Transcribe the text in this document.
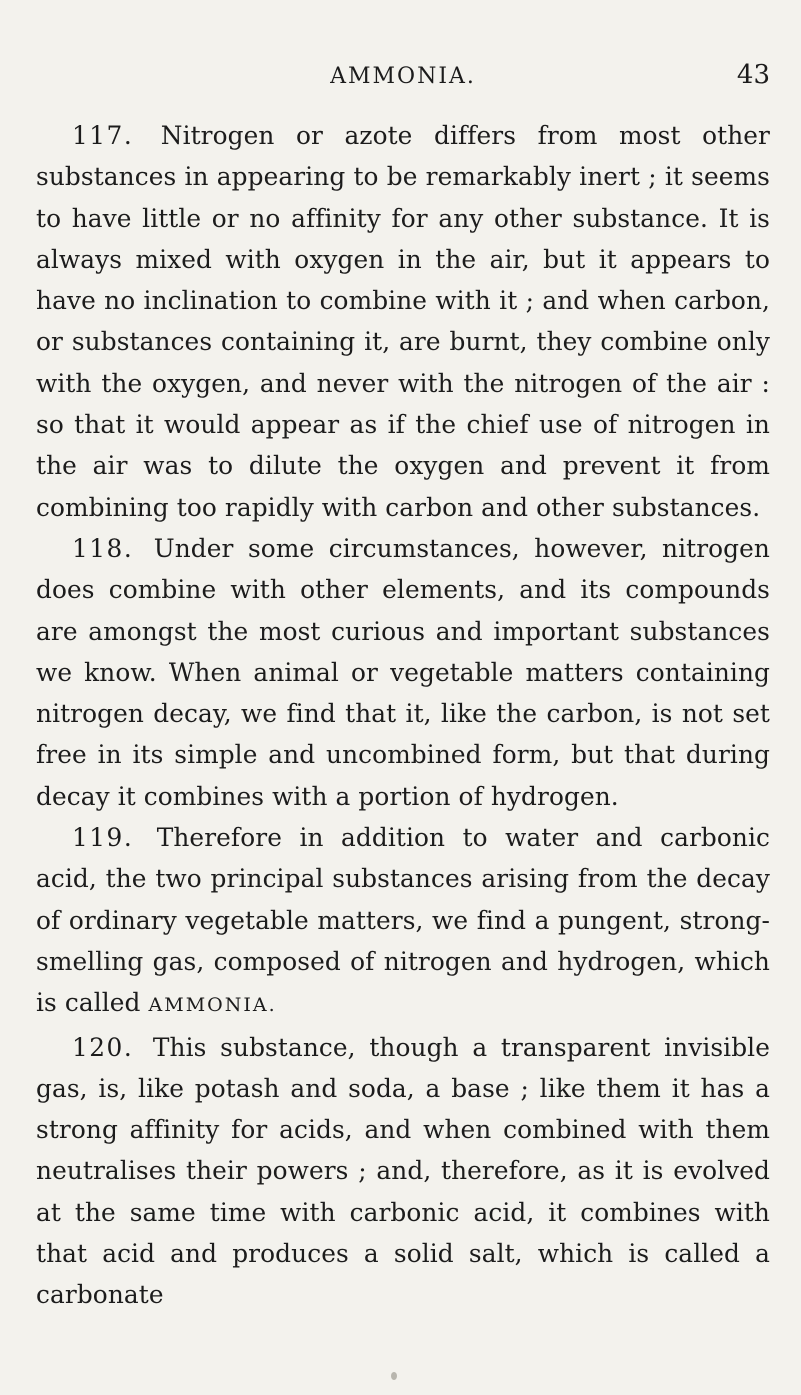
AMMONIA.	43

117. Nitrogen or azote differs from most other substances in appearing to be remarkably inert ; it seems to have little or no affinity for any other substance. It is always mixed with oxygen in the air, but it appears to have no inclination to combine with it ; and when carbon, or substances containing it, are burnt, they combine only with the oxygen, and never with the nitrogen of the air : so that it would appear as if the chief use of nitrogen in the air was to dilute the oxygen and prevent it from combining too rapidly with carbon and other substances.

118. Under some circumstances, however, nitrogen does combine with other elements, and its compounds are amongst the most curious and important substances we know. When animal or vegetable matters containing nitrogen decay, we find that it, like the carbon, is not set free in its simple and uncombined form, but that during decay it combines with a portion of hydrogen.

119. Therefore in addition to water and carbonic acid, the two principal substances arising from the decay of ordinary vegetable matters, we find a pungent, strong-smelling gas, composed of nitrogen and hydrogen, which is called AMMONIA.

120. This substance, though a transparent invisible gas, is, like potash and soda, a base ; like them it has a strong affinity for acids, and when combined with them neutralises their powers ; and, therefore, as it is evolved at the same time with carbonic acid, it combines with that acid and produces a solid salt, which is called a carbonate
